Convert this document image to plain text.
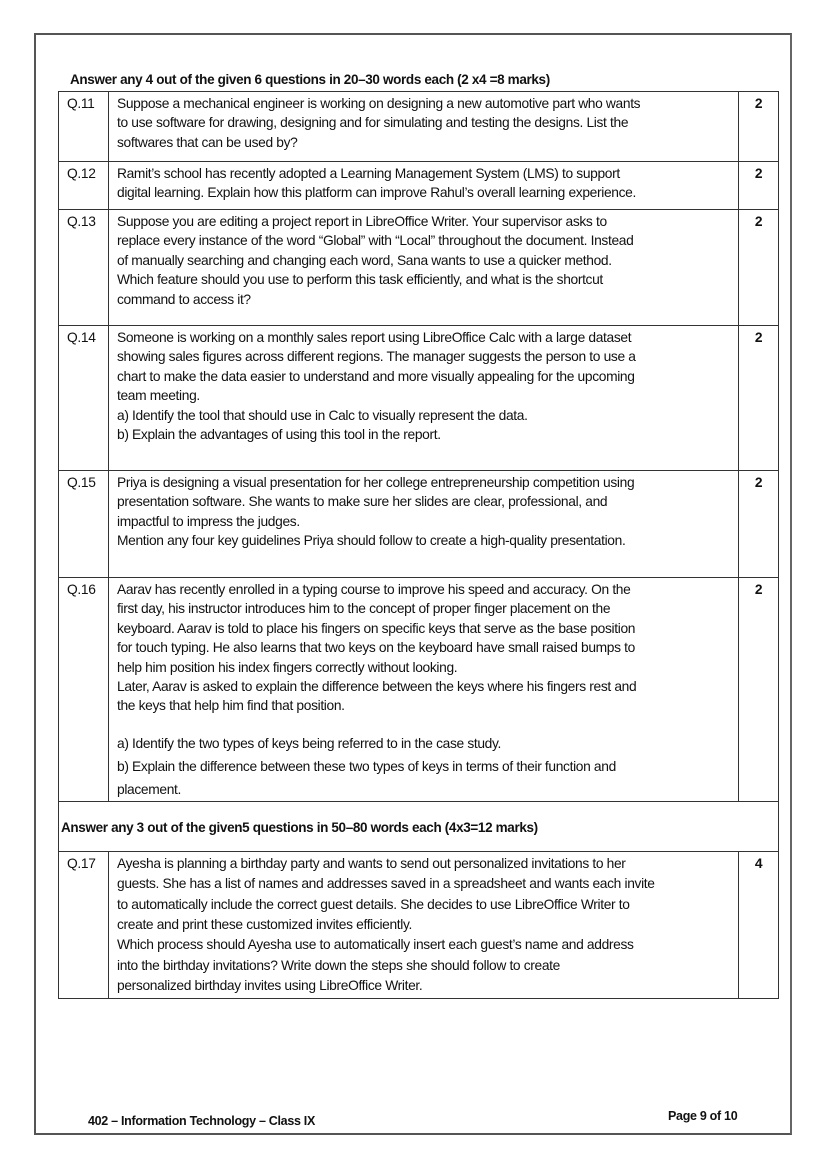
Answer any 4 out of the given 6 questions in 20–30 words each (2 x4 =8 marks)
Q.11	Suppose a mechanical engineer is working on designing a new automotive part who wants
to use software for drawing, designing and for simulating and testing the designs. List the
softwares that can be used by?	2
Q.12	Ramit’s school has recently adopted a Learning Management System (LMS) to support
digital learning. Explain how this platform can improve Rahul’s overall learning experience.	2
Q.13	Suppose you are editing a project report in LibreOffice Writer. Your supervisor asks to
replace every instance of the word “Global” with “Local” throughout the document. Instead
of manually searching and changing each word, Sana wants to use a quicker method.
Which feature should you use to perform this task efficiently, and what is the shortcut
command to access it?	2
Q.14	Someone is working on a monthly sales report using LibreOffice Calc with a large dataset
showing sales figures across different regions. The manager suggests the person to use a
chart to make the data easier to understand and more visually appealing for the upcoming
team meeting.
a) Identify the tool that should use in Calc to visually represent the data.
b) Explain the advantages of using this tool in the report.
	2
Q.15	Priya is designing a visual presentation for her college entrepreneurship competition using
presentation software. She wants to make sure her slides are clear, professional, and
impactful to impress the judges.
Mention any four key guidelines Priya should follow to create a high-quality presentation.	2
Q.16	Aarav has recently enrolled in a typing course to improve his speed and accuracy. On the
first day, his instructor introduces him to the concept of proper finger placement on the
keyboard. Aarav is told to place his fingers on specific keys that serve as the base position
for touch typing. He also learns that two keys on the keyboard have small raised bumps to
help him position his index fingers correctly without looking.
Later, Aarav is asked to explain the difference between the keys where his fingers rest and
the keys that help him find that position.
a) Identify the two types of keys being referred to in the case study.
b) Explain the difference between these two types of keys in terms of their function and
placement.
	2
Answer any 3 out of the given5 questions in 50–80 words each (4x3=12 marks)		
Q.17	Ayesha is planning a birthday party and wants to send out personalized invitations to her
guests. She has a list of names and addresses saved in a spreadsheet and wants each invite
to automatically include the correct guest details. She decides to use LibreOffice Writer to
create and print these customized invites efficiently.
Which process should Ayesha use to automatically insert each guest’s name and address
into the birthday invitations? Write down the steps she should follow to create
personalized birthday invites using LibreOffice Writer.
	4
402 – Information Technology – Class IX	Page 9 of 10
